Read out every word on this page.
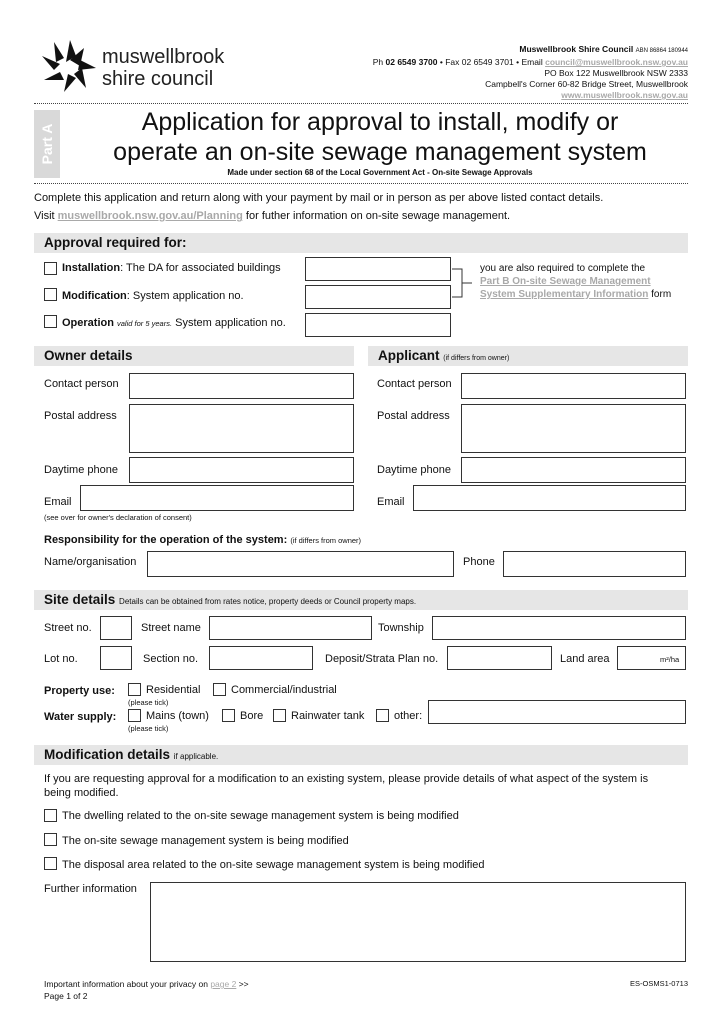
muswellbrook
shire council
Muswellbrook Shire Council ABN 86864 180944
Ph 02 6549 3700 • Fax 02 6549 3701 • Email council@muswellbrook.nsw.gov.au
PO Box 122 Muswellbrook NSW 2333
Campbell's Corner 60-82 Bridge Street, Muswellbrook
www.muswellbrook.nsw.gov.au
Part A
Application for approval to install, modify or
operate an on-site sewage management system
Made under section 68 of the Local Government Act - On-site Sewage Approvals
Complete this application and return along with your payment by mail or in person as per above listed contact details.
Visit muswellbrook.nsw.gov.au/Planning for futher information on on-site sewage management.
Approval required for:
Installation: The DA for associated buildings
Modification: System application no.
Operation valid for 5 years. System application no.
you are also required to complete the
Part B On-site Sewage Management
System Supplementary Information form
Owner details	Applicant (if differs from owner)
Contact person
Postal address
Daytime phone
Email
(see over for owner's declaration of consent)
Contact person
Postal address
Daytime phone
Email
Responsibility for the operation of the system: (if differs from owner)
Name/organisation	Phone
Site details Details can be obtained from rates notice, property deeds or Council property maps.
Street no.	Street name	Township
Lot no.	Section no.	Deposit/Strata Plan no.	Land area	m²/ha
Property use:	Residential	Commercial/industrial
(please tick)
Water supply:	Mains (town)	Bore	Rainwater tank	other:
(please tick)
Modification details if applicable.
If you are requesting approval for a modification to an existing system, please provide details of what aspect of the system is
being modified.
The dwelling related to the on-site sewage management system is being modified
The on-site sewage management system is being modified
The disposal area related to the on-site sewage management system is being modified
Further information
Important information about your privacy on page 2 >>
Page 1 of 2
ES-OSMS1-0713
